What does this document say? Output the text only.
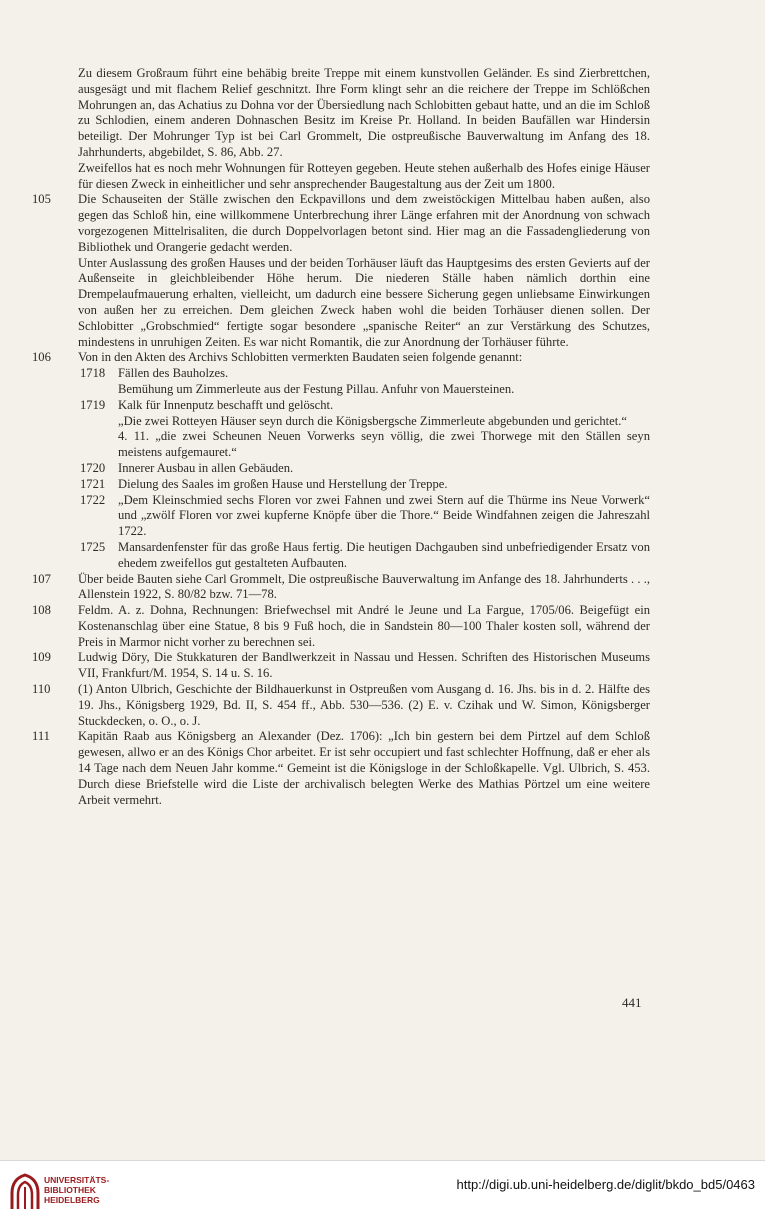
Zu diesem Großraum führt eine behäbig breite Treppe mit einem kunstvollen Geländer. Es sind Zierbrettchen, ausgesägt und mit flachem Relief geschnitzt. Ihre Form klingt sehr an die reichere der Treppe im Schlößchen Mohrungen an, das Achatius zu Dohna vor der Übersiedlung nach Schlobitten gebaut hatte, und an die im Schloß zu Schlodien, einem anderen Dohnaschen Besitz im Kreise Pr. Holland. In beiden Baufällen war Hindersin beteiligt. Der Mohrunger Typ ist bei Carl Grommelt, Die ostpreußische Bauverwaltung im Anfang des 18. Jahrhunderts, abgebildet, S. 86, Abb. 27.

Zweifellos hat es noch mehr Wohnungen für Rotteyen gegeben. Heute stehen außerhalb des Hofes einige Häuser für diesen Zweck in einheitlicher und sehr ansprechender Baugestaltung aus der Zeit um 1800.

105	Die Schauseiten der Ställe zwischen den Eckpavillons und dem zweistöckigen Mittelbau haben außen, also gegen das Schloß hin, eine willkommene Unterbrechung ihrer Länge erfahren mit der Anordnung von schwach vorgezogenen Mittelrisaliten, die durch Doppelvorlagen betont sind. Hier mag an die Fassadengliederung von Bibliothek und Orangerie gedacht werden.

Unter Auslassung des großen Hauses und der beiden Torhäuser läuft das Hauptgesims des ersten Gevierts auf der Außenseite in gleichbleibender Höhe herum. Die niederen Ställe haben nämlich dorthin eine Drempelaufmauerung erhalten, vielleicht, um dadurch eine bessere Sicherung gegen unliebsame Einwirkungen von außen her zu erreichen. Dem gleichen Zweck haben wohl die beiden Torhäuser dienen sollen. Der Schlobitter „Grobschmied“ fertigte sogar besondere „spanische Reiter“ an zur Verstärkung des Schutzes, mindestens in unruhigen Zeiten. Es war nicht Romantik, die zur Anordnung der Torhäuser führte.

106	Von in den Akten des Archivs Schlobitten vermerkten Baudaten seien folgende genannt:

1718 Fällen des Bauholzes.

Bemühung um Zimmerleute aus der Festung Pillau. Anfuhr von Mauersteinen.

1719 Kalk für Innenputz beschafft und gelöscht.

„Die zwei Rotteyen Häuser seyn durch die Königsbergsche Zimmerleute abgebunden und gerichtet.“

4. 11. „die zwei Scheunen Neuen Vorwerks seyn völlig, die zwei Thorwege mit den Ställen seyn meistens aufgemauret.“

1720 Innerer Ausbau in allen Gebäuden.

1721 Dielung des Saales im großen Hause und Herstellung der Treppe.

1722 „Dem Kleinschmied sechs Floren vor zwei Fahnen und zwei Stern auf die Thürme ins Neue Vorwerk“ und „zwölf Floren vor zwei kupferne Knöpfe über die Thore.“ Beide Windfahnen zeigen die Jahreszahl 1722.

1725 Mansardenfenster für das große Haus fertig. Die heutigen Dachgauben sind unbefriedigender Ersatz von ehedem zweifellos gut gestalteten Aufbauten.

107	Über beide Bauten siehe Carl Grommelt, Die ostpreußische Bauverwaltung im Anfange des 18. Jahrhunderts . . ., Allenstein 1922, S. 80/82 bzw. 71—78.

108	Feldm. A. z. Dohna, Rechnungen: Briefwechsel mit André le Jeune und La Fargue, 1705/06. Beigefügt ein Kostenanschlag über eine Statue, 8 bis 9 Fuß hoch, die in Sandstein 80—100 Thaler kosten soll, während der Preis in Marmor nicht vorher zu berechnen sei.

109	Ludwig Döry, Die Stukkaturen der Bandlwerkzeit in Nassau und Hessen. Schriften des Historischen Museums VII, Frankfurt/M. 1954, S. 14 u. S. 16.

110	(1) Anton Ulbrich, Geschichte der Bildhauerkunst in Ostpreußen vom Ausgang d. 16. Jhs. bis in d. 2. Hälfte des 19. Jhs., Königsberg 1929, Bd. II, S. 454 ff., Abb. 530—536. (2) E. v. Czihak und W. Simon, Königsberger Stuckdecken, o. O., o. J.

111	Kapitän Raab aus Königsberg an Alexander (Dez. 1706): „Ich bin gestern bei dem Pirtzel auf dem Schloß gewesen, allwo er an des Königs Chor arbeitet. Er ist sehr occupiert und fast schlechter Hoffnung, daß er eher als 14 Tage nach dem Neuen Jahr komme.“ Gemeint ist die Königsloge in der Schloßkapelle. Vgl. Ulbrich, S. 453. Durch diese Briefstelle wird die Liste der archivalisch belegten Werke des Mathias Pörtzel um eine weitere Arbeit vermehrt.

441
UNIVERSITÄTS-
BIBLIOTHEK
HEIDELBERG
http://digi.ub.uni-heidelberg.de/diglit/bkdo_bd5/0463
